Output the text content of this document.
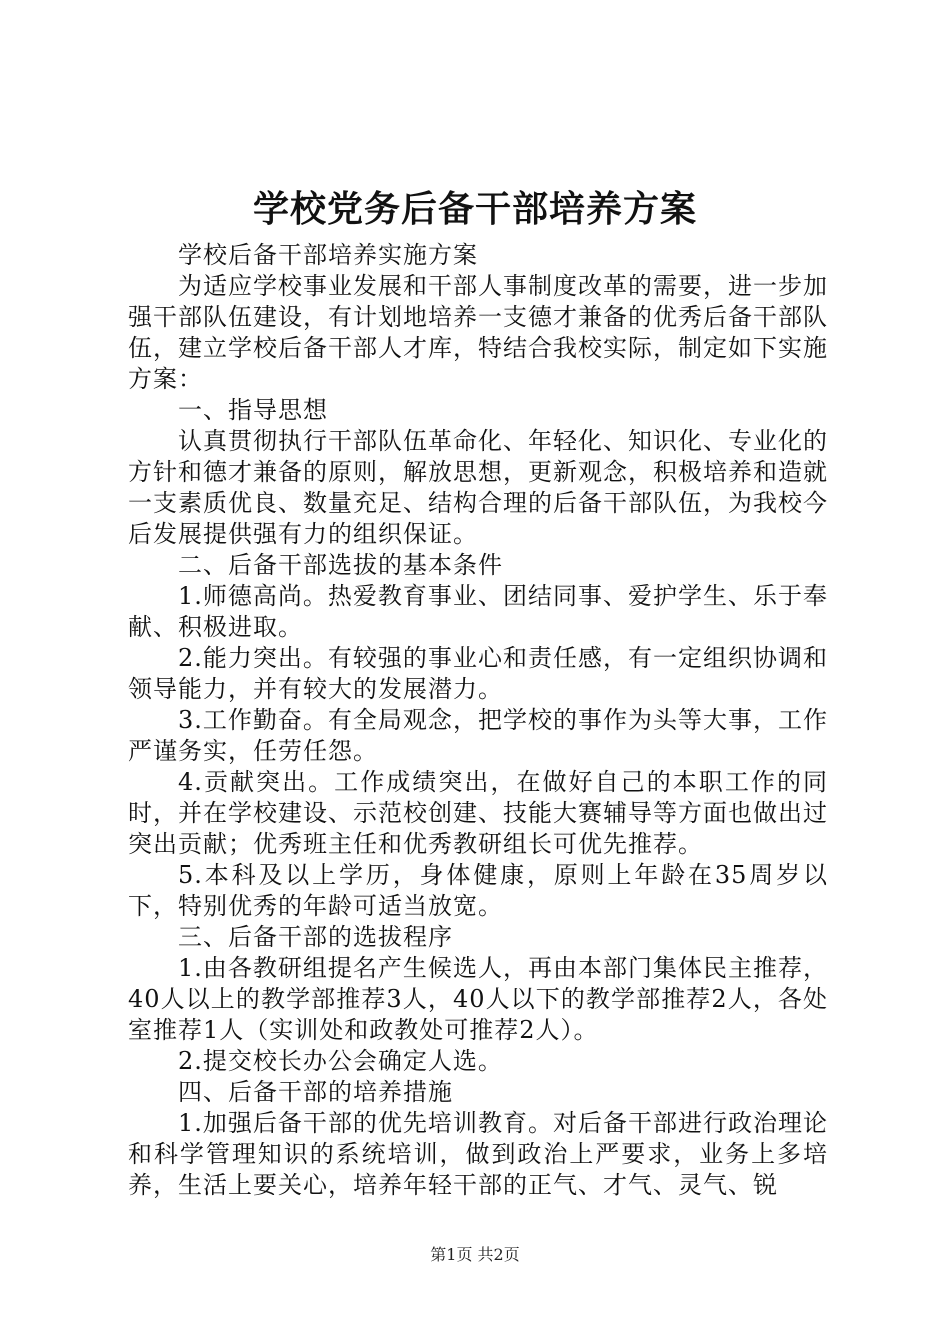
学校党务后备干部培养方案

学校后备干部培养实施方案

为适应学校事业发展和干部人事制度改革的需要，进一步加强干部队伍建设，有计划地培养一支德才兼备的优秀后备干部队伍，建立学校后备干部人才库，特结合我校实际，制定如下实施方案：

一、指导思想

认真贯彻执行干部队伍革命化、年轻化、知识化、专业化的方针和德才兼备的原则，解放思想，更新观念，积极培养和造就一支素质优良、数量充足、结构合理的后备干部队伍，为我校今后发展提供强有力的组织保证。

二、后备干部选拔的基本条件

1.师德高尚。热爱教育事业、团结同事、爱护学生、乐于奉献、积极进取。

2.能力突出。有较强的事业心和责任感，有一定组织协调和领导能力，并有较大的发展潜力。

3.工作勤奋。有全局观念，把学校的事作为头等大事，工作严谨务实，任劳任怨。

4.贡献突出。工作成绩突出，在做好自己的本职工作的同时，并在学校建设、示范校创建、技能大赛辅导等方面也做出过突出贡献；优秀班主任和优秀教研组长可优先推荐。

5.本科及以上学历，身体健康，原则上年龄在35周岁以下，特别优秀的年龄可适当放宽。

三、后备干部的选拔程序

1.由各教研组提名产生候选人，再由本部门集体民主推荐，40人以上的教学部推荐3人，40人以下的教学部推荐2人，各处室推荐1人（实训处和政教处可推荐2人）。

2.提交校长办公会确定人选。

四、后备干部的培养措施

1.加强后备干部的优先培训教育。对后备干部进行政治理论和科学管理知识的系统培训，做到政治上严要求，业务上多培养，生活上要关心，培养年轻干部的正气、才气、灵气、锐

第1页 共2页
